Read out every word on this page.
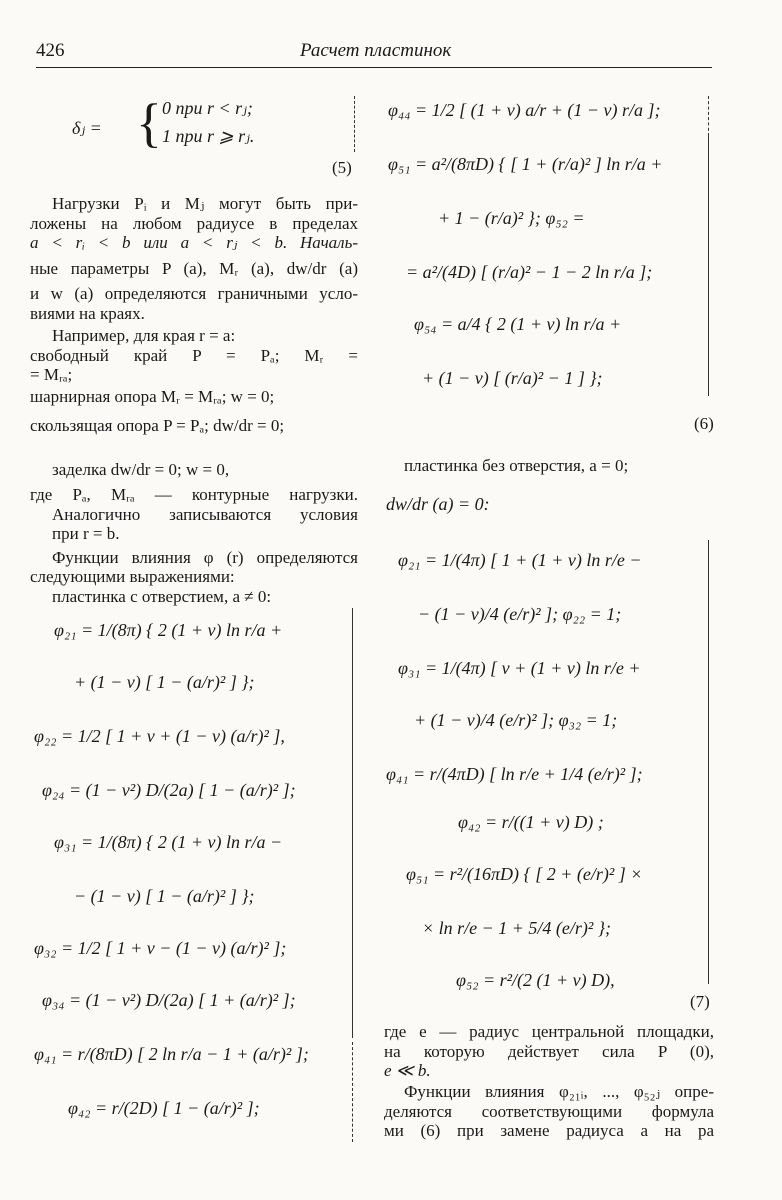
426	Расчет пластинок
δⱼ = { 0 при r < rⱼ;
1 при r ⩾ rⱼ.
(5)
Нагрузки Pᵢ и Mⱼ могут быть при-
ложены на любом радиусе в пределах
a < rᵢ < b или a < rⱼ < b. Началь-
ные параметры P (a), Mᵣ (a), dw/dr (a)
и w (a) определяются граничными усло-
виями на краях.
Например, для края r = a:
свободный край P = Pₐ; Mᵣ =
= Mᵣₐ;
шарнирная опора Mᵣ = Mᵣₐ; w = 0;
скользящая опора P = Pₐ; dw/dr = 0;
заделка dw/dr = 0; w = 0,
где Pₐ, Mᵣₐ — контурные нагрузки.
Аналогично записываются условия
при r = b.
Функции влияния φ (r) определяются
следующими выражениями:
пластинка с отверстием, a ≠ 0:
φ₂₁ = 1/(8π) { 2 (1 + ν) ln r/a +
+ (1 − ν) [ 1 − (a/r)² ] };
φ₂₂ = 1/2 [ 1 + ν + (1 − ν) (a/r)² ],
φ₂₄ = (1 − ν²) D/(2a) [ 1 − (a/r)² ];
φ₃₁ = 1/(8π) { 2 (1 + ν) ln r/a −
− (1 − ν) [ 1 − (a/r)² ] };
φ₃₂ = 1/2 [ 1 + ν − (1 − ν) (a/r)² ];
φ₃₄ = (1 − ν²) D/(2a) [ 1 + (a/r)² ];
φ₄₁ = r/(8πD) [ 2 ln r/a − 1 + (a/r)² ];
φ₄₂ = r/(2D) [ 1 − (a/r)² ];
φ₄₄ = 1/2 [ (1 + ν) a/r + (1 − ν) r/a ];
φ₅₁ = a²/(8πD) { [ 1 + (r/a)² ] ln r/a +
+ 1 − (r/a)² }; φ₅₂ =
= a²/(4D) [ (r/a)² − 1 − 2 ln r/a ];
φ₅₄ = a/4 { 2 (1 + ν) ln r/a +
+ (1 − ν) [ (r/a)² − 1 ] };
(6)
пластинка без отверстия, a = 0;
dw/dr (a) = 0:
φ₂₁ = 1/(4π) [ 1 + (1 + ν) ln r/e −
− (1 − ν)/4 (e/r)² ]; φ₂₂ = 1;
φ₃₁ = 1/(4π) [ ν + (1 + ν) ln r/e +
+ (1 − ν)/4 (e/r)² ]; φ₃₂ = 1;
φ₄₁ = r/(4πD) [ ln r/e + 1/4 (e/r)² ];
φ₄₂ = r/((1 + ν) D) ;
φ₅₁ = r²/(16πD) { [ 2 + (e/r)² ] ×
× ln r/e − 1 + 5/4 (e/r)² };
φ₅₂ = r²/(2 (1 + ν) D),
(7)
где e — радиус центральной площадки,
на которую действует сила P (0),
e ≪ b.
Функции влияния φ₂₁ᵢ, ..., φ₅₂ⱼ опре-
деляются соответствующими формула
ми (6) при замене радиуса a на ра
